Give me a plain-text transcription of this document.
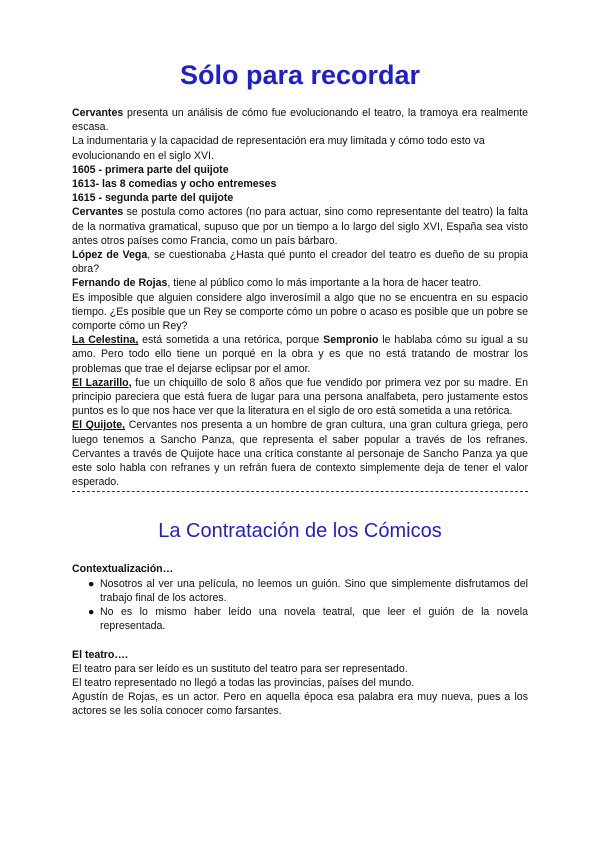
Sólo para recordar

Cervantes presenta un análisis de cómo fue evolucionando el teatro, la tramoya era realmente escasa.

La indumentaria y la capacidad de representación era muy limitada y cómo todo esto va evolucionando en el siglo XVI.

1605 - primera parte del quijote

1613- las 8 comedias y ocho entremeses

1615 - segunda parte del quijote

Cervantes se postula como actores (no para actuar, sino como representante del teatro) la falta de la normativa gramatical, supuso que por un tiempo a lo largo del siglo XVI, España sea visto antes otros países como Francia, como un país bárbaro.

López de Vega, se cuestionaba ¿Hasta qué punto el creador del teatro es dueño de su propia obra?

Fernando de Rojas, tiene al público como lo más importante a la hora de hacer teatro.

Es imposible que alguien considere algo inverosímil a algo que no se encuentra en su espacio tiempo. ¿Es posible que un Rey se comporte cómo un pobre o acaso es posible que un pobre se comporte cómo un Rey?

La Celestina, está sometida a una retórica, porque Sempronio le hablaba cómo su igual a su amo. Pero todo ello tiene un porqué en la obra y es que no está tratando de mostrar los problemas que trae el dejarse eclipsar por el amor.

El Lazarillo, fue un chiquillo de solo 8 años que fue vendido por primera vez por su madre. En principio pareciera que está fuera de lugar para una persona analfabeta, pero justamente estos puntos es lo que nos hace ver que la literatura en el siglo de oro está sometida a una retórica.

El Quijote, Cervantes nos presenta a un hombre de gran cultura, una gran cultura griega, pero luego tenemos a Sancho Panza, que representa el saber popular a través de los refranes. Cervantes a través de Quijote hace una crítica constante al personaje de Sancho Panza ya que este solo habla con refranes y un refrán fuera de contexto simplemente deja de tener el valor esperado.

La Contratación de los Cómicos

Contextualización…

● Nosotros al ver una película, no leemos un guión. Sino que simplemente disfrutamos del trabajo final de los actores.
● No es lo mismo haber leído una novela teatral, que leer el guión de la novela representada.

El teatro….

El teatro para ser leído es un sustituto del teatro para ser representado.

El teatro representado no llegó a todas las provincias, países del mundo.

Agustín de Rojas, es un actor. Pero en aquella época esa palabra era muy nueva, pues a los actores se les solía conocer como farsantes.
